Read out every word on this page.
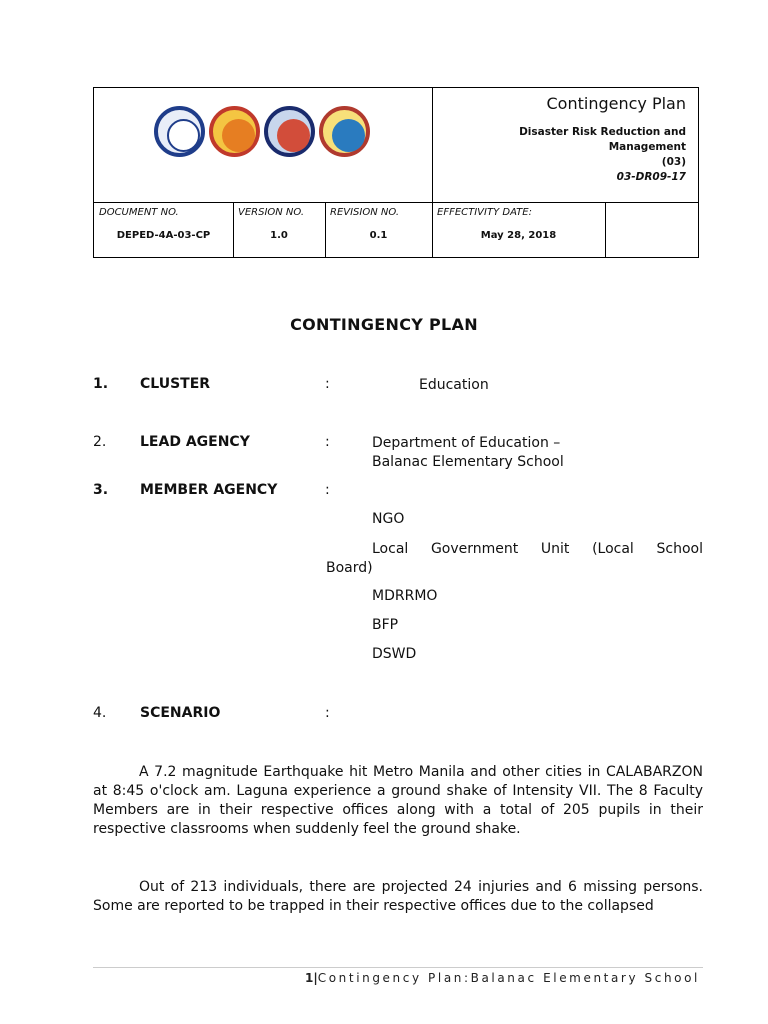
Contingency Plan
Disaster Risk Reduction and
Management
(03)
03-DR09-17
DOCUMENT NO.
DEPED-4A-03-CP
VERSION NO.
1.0
REVISION NO.
0.1
EFFECTIVITY DATE:
May 28, 2018
CONTINGENCY PLAN
1. CLUSTER	:	Education
2. LEAD AGENCY	:	Department of Education –
Balanac Elementary School
3. MEMBER AGENCY	:
NGO
Local Government Unit (Local School
Board)
MDRRMO
BFP
DSWD
4. SCENARIO	:

A 7.2 magnitude Earthquake hit Metro Manila and other cities in CALABARZON at 8:45 o'clock am. Laguna experience a ground shake of Intensity VII. The 8 Faculty Members are in their respective offices along with a total of 205 pupils in their respective classrooms when suddenly feel the ground shake.

Out of 213 individuals, there are projected 24 injuries and 6 missing persons. Some are reported to be trapped in their respective offices due to the collapsed

1|Contingency Plan:Balanac Elementary School
